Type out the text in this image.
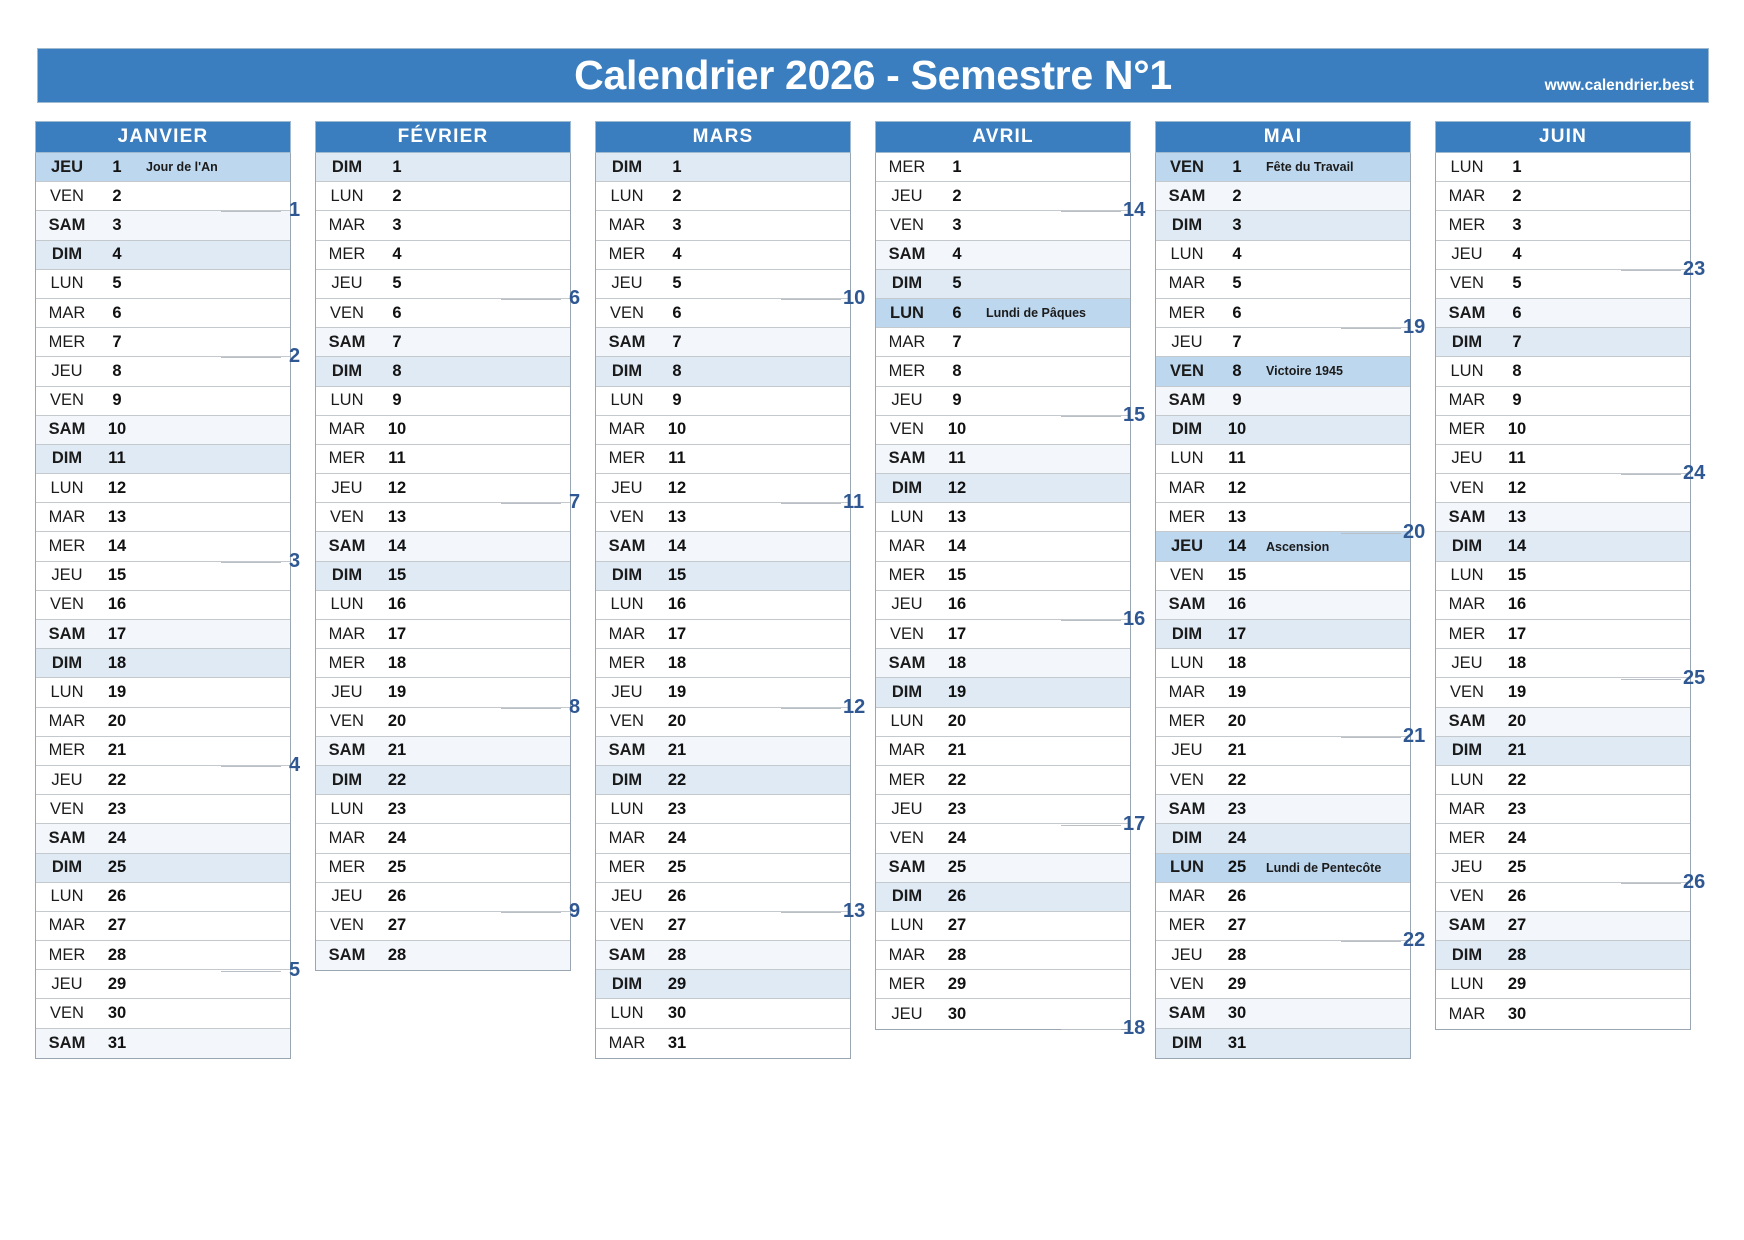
Calendrier 2026 - Semestre N°1	www.calendrier.best
JANVIER
JEU	1	Jour de l'An
VEN	2
SAM	3
DIM	4
LUN	5
MAR	6
MER	7
JEU	8
VEN	9
SAM	10
DIM	11
LUN	12
MAR	13
MER	14
JEU	15
VEN	16
SAM	17
DIM	18
LUN	19
MAR	20
MER	21
JEU	22
VEN	23
SAM	24
DIM	25
LUN	26
MAR	27
MER	28
JEU	29
VEN	30
SAM	31
1
2
3
4
5
FÉVRIER
DIM	1
LUN	2
MAR	3
MER	4
JEU	5
VEN	6
SAM	7
DIM	8
LUN	9
MAR	10
MER	11
JEU	12
VEN	13
SAM	14
DIM	15
LUN	16
MAR	17
MER	18
JEU	19
VEN	20
SAM	21
DIM	22
LUN	23
MAR	24
MER	25
JEU	26
VEN	27
SAM	28
6
7
8
9
MARS
DIM	1
LUN	2
MAR	3
MER	4
JEU	5
VEN	6
SAM	7
DIM	8
LUN	9
MAR	10
MER	11
JEU	12
VEN	13
SAM	14
DIM	15
LUN	16
MAR	17
MER	18
JEU	19
VEN	20
SAM	21
DIM	22
LUN	23
MAR	24
MER	25
JEU	26
VEN	27
SAM	28
DIM	29
LUN	30
MAR	31
10
11
12
13
AVRIL
MER	1
JEU	2
VEN	3
SAM	4
DIM	5
LUN	6	Lundi de Pâques
MAR	7
MER	8
JEU	9
VEN	10
SAM	11
DIM	12
LUN	13
MAR	14
MER	15
JEU	16
VEN	17
SAM	18
DIM	19
LUN	20
MAR	21
MER	22
JEU	23
VEN	24
SAM	25
DIM	26
LUN	27
MAR	28
MER	29
JEU	30
14
15
16
17
18
MAI
VEN	1	Fête du Travail
SAM	2
DIM	3
LUN	4
MAR	5
MER	6
JEU	7
VEN	8	Victoire 1945
SAM	9
DIM	10
LUN	11
MAR	12
MER	13
JEU	14	Ascension
VEN	15
SAM	16
DIM	17
LUN	18
MAR	19
MER	20
JEU	21
VEN	22
SAM	23
DIM	24
LUN	25	Lundi de Pentecôte
MAR	26
MER	27
JEU	28
VEN	29
SAM	30
DIM	31
19
20
21
22
JUIN
LUN	1
MAR	2
MER	3
JEU	4
VEN	5
SAM	6
DIM	7
LUN	8
MAR	9
MER	10
JEU	11
VEN	12
SAM	13
DIM	14
LUN	15
MAR	16
MER	17
JEU	18
VEN	19
SAM	20
DIM	21
LUN	22
MAR	23
MER	24
JEU	25
VEN	26
SAM	27
DIM	28
LUN	29
MAR	30
23
24
25
26
